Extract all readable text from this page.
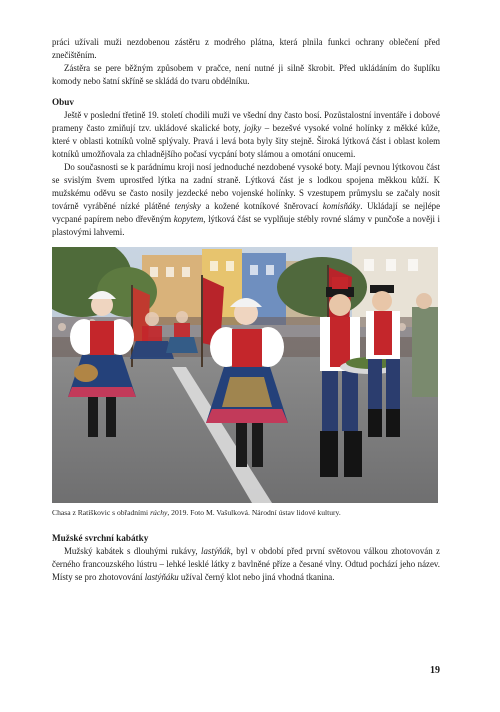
práci užívali muži nezdobenou zástěru z modrého plátna, která plnila funkci ochrany oblečení před znečištěním.

Zástěra se pere běžným způsobem v pračce, není nutné ji silně škrobit. Před ukládáním do šuplíku komody nebo šatní skříně se skládá do tvaru obdélníku.

Obuv

Ještě v poslední třetině 19. století chodili muži ve všední dny často bosí. Pozůstalostní inventáře i dobové prameny často zmiňují tzv. ukládové skalické boty, jojky – bezešvé vysoké volné holínky z měkké kůže, které v oblasti kotníků volně splývaly. Pravá i levá bota byly šity stejně. Široká lýtková část i oblast kolem kotníků umožňovala za chladnějšího počasí vycpání boty slámou a omotání onucemi.

Do současnosti se k parádnímu kroji nosí jednoduché nezdobené vysoké boty. Mají pevnou lýtkovou část se svislým švem uprostřed lýtka na zadní straně. Lýtková část je s lodkou spojena měkkou kůží. K mužskému oděvu se často nosily jezdecké nebo vojenské holínky. S vzestupem průmyslu se začaly nosit továrně vyráběné nízké plátěné tenýsky a kožené kotníkové šněrovací komisňáky. Ukládají se nejlépe vycpané papírem nebo dřevěným kopytem, lýtková část se vyplňuje stébly rovné slámy v punčoše a nověji i plastovými lahvemi.

Chasa z Ratíškovic s obřadními rúchy, 2019. Foto M. Vašulková. Národní ústav lidové kultury.

Mužské svrchní kabátky

Mužský kabátek s dlouhými rukávy, lastýňák, byl v období před první světovou válkou zhotovován z černého francouzského lústru – lehké lesklé látky z bavlněné příze a česané vlny. Odtud pochází jeho název. Místy se pro zhotovování lastýňáku užíval černý klot nebo jiná vhodná tkanina.

19
